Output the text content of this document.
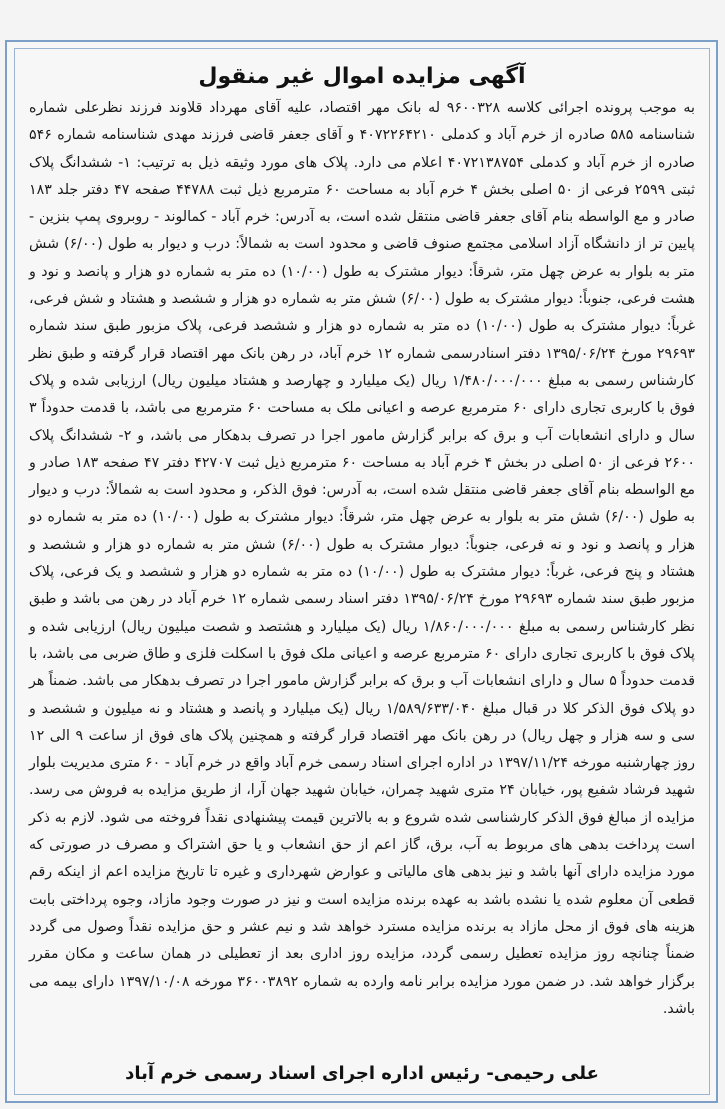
آگهی مزایده اموال غیر منقول

به موجب پرونده اجرائی کلاسه ۹۶۰۰۳۲۸ له بانک مهر اقتصاد، علیه آقای مهرداد قلاوند فرزند نظرعلی شماره شناسنامه ۵۸۵ صادره از خرم آباد و کدملی ۴۰۷۲۲۶۴۲۱۰ و آقای جعفر قاضی فرزند مهدی شناسنامه شماره ۵۴۶ صادره از خرم آباد و کدملی ۴۰۷۲۱۳۸۷۵۴ اعلام می دارد. پلاک های مورد وثیقه ذیل به ترتیب: ۱- ششدانگ پلاک ثبتی ۲۵۹۹ فرعی از ۵۰ اصلی بخش ۴ خرم آباد به مساحت ۶۰ مترمربع ذیل ثبت ۴۴۷۸۸ صفحه ۴۷ دفتر جلد ۱۸۳ صادر و مع الواسطه بنام آقای جعفر قاضی منتقل شده است، به آدرس: خرم آباد - کمالوند - روبروی پمپ بنزین - پایین تر از دانشگاه آزاد اسلامی مجتمع صنوف قاضی و محدود است به شمالاً: درب و دیوار به طول (۶/۰۰) شش متر به بلوار به عرض چهل متر، شرقاً: دیوار مشترک به طول (۱۰/۰۰) ده متر به شماره دو هزار و پانصد و نود و هشت فرعی، جنوباً: دیوار مشترک به طول (۶/۰۰) شش متر به شماره دو هزار و ششصد و هشتاد و شش فرعی، غرباً: دیوار مشترک به طول (۱۰/۰۰) ده متر به شماره دو هزار و ششصد فرعی، پلاک مزبور طبق سند شماره ۲۹۶۹۳ مورخ ۱۳۹۵/۰۶/۲۴ دفتر اسنادرسمی شماره ۱۲ خرم آباد، در رهن بانک مهر اقتصاد قرار گرفته و طبق نظر کارشناس رسمی به مبلغ ۱/۴۸۰/۰۰۰/۰۰۰ ریال (یک میلیارد و چهارصد و هشتاد میلیون ریال) ارزیابی شده و پلاک فوق با کاربری تجاری دارای ۶۰ مترمربع عرصه و اعیانی ملک به مساحت ۶۰ مترمربع می باشد، با قدمت حدوداً ۳ سال و دارای انشعابات آب و برق که برابر گزارش مامور اجرا در تصرف بدهکار می باشد، و ۲- ششدانگ پلاک ۲۶۰۰ فرعی از ۵۰ اصلی در بخش ۴ خرم آباد به مساحت ۶۰ مترمربع ذیل ثبت ۴۲۷۰۷ دفتر ۴۷ صفحه ۱۸۳ صادر و مع الواسطه بنام آقای جعفر قاضی منتقل شده است، به آدرس: فوق الذکر، و محدود است به شمالاً: درب و دیوار به طول (۶/۰۰) شش متر به بلوار به عرض چهل متر، شرقاً: دیوار مشترک به طول (۱۰/۰۰) ده متر به شماره دو هزار و پانصد و نود و نه فرعی، جنوباً: دیوار مشترک به طول (۶/۰۰) شش متر به شماره دو هزار و ششصد و هشتاد و پنج فرعی، غرباً: دیوار مشترک به طول (۱۰/۰۰) ده متر به شماره دو هزار و ششصد و یک فرعی، پلاک مزبور طبق سند شماره ۲۹۶۹۳ مورخ ۱۳۹۵/۰۶/۲۴ دفتر اسناد رسمی شماره ۱۲ خرم آباد در رهن می باشد و طبق نظر کارشناس رسمی به مبلغ ۱/۸۶۰/۰۰۰/۰۰۰ ریال (یک میلیارد و هشتصد و شصت میلیون ریال) ارزیابی شده و پلاک فوق با کاربری تجاری دارای ۶۰ مترمربع عرصه و اعیانی ملک فوق با اسکلت فلزی و طاق ضربی می باشد، با قدمت حدوداً ۵ سال و دارای انشعابات آب و برق که برابر گزارش مامور اجرا در تصرف بدهکار می باشد. ضمناً هر دو پلاک فوق الذکر کلا در قبال مبلغ ۱/۵۸۹/۶۳۳/۰۴۰ ریال (یک میلیارد و پانصد و هشتاد و نه میلیون و ششصد و سی و سه هزار و چهل ریال) در رهن بانک مهر اقتصاد قرار گرفته و همچنین پلاک های فوق از ساعت ۹ الی ۱۲ روز چهارشنبه مورخه ۱۳۹۷/۱۱/۲۴ در اداره اجرای اسناد رسمی خرم آباد واقع در خرم آباد - ۶۰ متری مدیریت بلوار شهید فرشاد شفیع پور، خیابان ۲۴ متری شهید چمران، خیابان شهید جهان آرا، از طریق مزایده به فروش می رسد. مزایده از مبالغ فوق الذکر کارشناسی شده شروع و به بالاترین قیمت پیشنهادی نقداً فروخته می شود. لازم به ذکر است پرداخت بدهی های مربوط به آب، برق، گاز اعم از حق انشعاب و یا حق اشتراک و مصرف در صورتی که مورد مزایده دارای آنها باشد و نیز بدهی های مالیاتی و عوارض شهرداری و غیره تا تاریخ مزایده اعم از اینکه رقم قطعی آن معلوم شده یا نشده باشد به عهده برنده مزایده است و نیز در صورت وجود مازاد، وجوه پرداختی بابت هزینه های فوق از محل مازاد به برنده مزایده مسترد خواهد شد و نیم عشر و حق مزایده نقداً وصول می گردد ضمناً چنانچه روز مزایده تعطیل رسمی گردد، مزایده روز اداری بعد از تعطیلی در همان ساعت و مکان مقرر برگزار خواهد شد. در ضمن مورد مزایده برابر نامه وارده به شماره ۳۶۰۰۳۸۹۲ مورخه ۱۳۹۷/۱۰/۰۸ دارای بیمه می باشد.

علی رحیمی- رئیس اداره اجرای اسناد رسمی خرم آباد
